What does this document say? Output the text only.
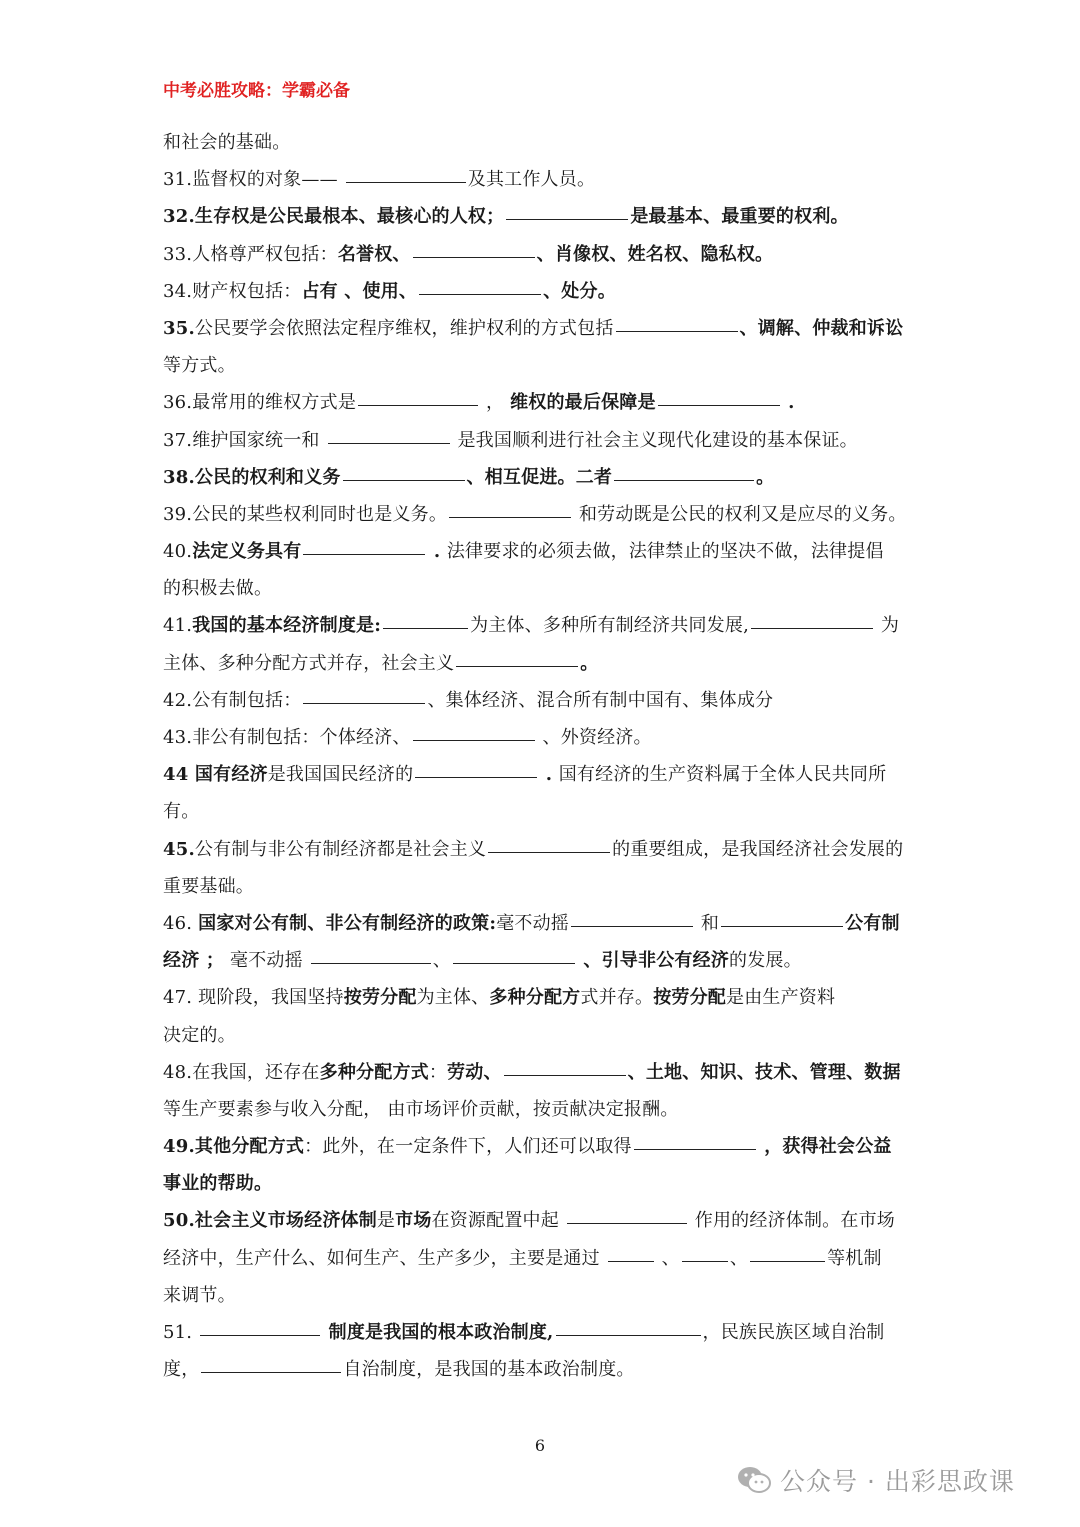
中考必胜攻略：学霸必备
和社会的基础。
31.监督权的对象——	及其工作人员。
32.生存权是公民最根本、最核心的人权；	是最基本、最重要的权利。
33.人格尊严权包括：名誉权、	、肖像权、姓名权、隐私权。
34.财产权包括：占有 、使用、	、处分。
35.公民要学会依照法定程序维权，维护权利的方式包括	、调解、仲裁和诉讼
等方式。
36.最常用的维权方式是	， 维权的最后保障是	.
37.维护国家统一和	是我国顺利进行社会主义现代化建设的基本保证。
38.公民的权利和义务	、相互促进。二者	。
39.公民的某些权利同时也是义务。	和劳动既是公民的权利又是应尽的义务。
40.法定义务具有	. 法律要求的必须去做，法律禁止的坚决不做，法律提倡
的积极去做。
41.我国的基本经济制度是:	为主体、多种所有制经济共同发展,	为
主体、多种分配方式并存，社会主义	。
42.公有制包括：	、集体经济、混合所有制中国有、集体成分
43.非公有制包括：个体经济、	、外资经济。
44 国有经济是我国国民经济的	. 国有经济的生产资料属于全体人民共同所
有。
45.公有制与非公有制经济都是社会主义	的重要组成，是我国经济社会发展的
重要基础。
46. 国家对公有制、非公有制经济的政策:毫不动摇	和	公有制
经济 ； 毫不动摇	、	、引导非公有经济的发展。
47. 现阶段，我国坚持按劳分配为主体、多种分配方式并存。按劳分配是由生产资料
决定的。
48.在我国，还存在多种分配方式：劳动、	、土地、知识、技术、管理、数据
等生产要素参与收入分配， 由市场评价贡献，按贡献决定报酬。
49.其他分配方式：此外，在一定条件下，人们还可以取得	，获得社会公益
事业的帮助。
50.社会主义市场经济体制是市场在资源配置中起	作用的经济体制。在市场
经济中，生产什么、如何生产、生产多少，主要是通过	、	、	等机制
来调节。
51.	制度是我国的根本政治制度,	，民族民族区域自治制
度，	自治制度，是我国的基本政治制度。
6
公众号 · 出彩思政课
